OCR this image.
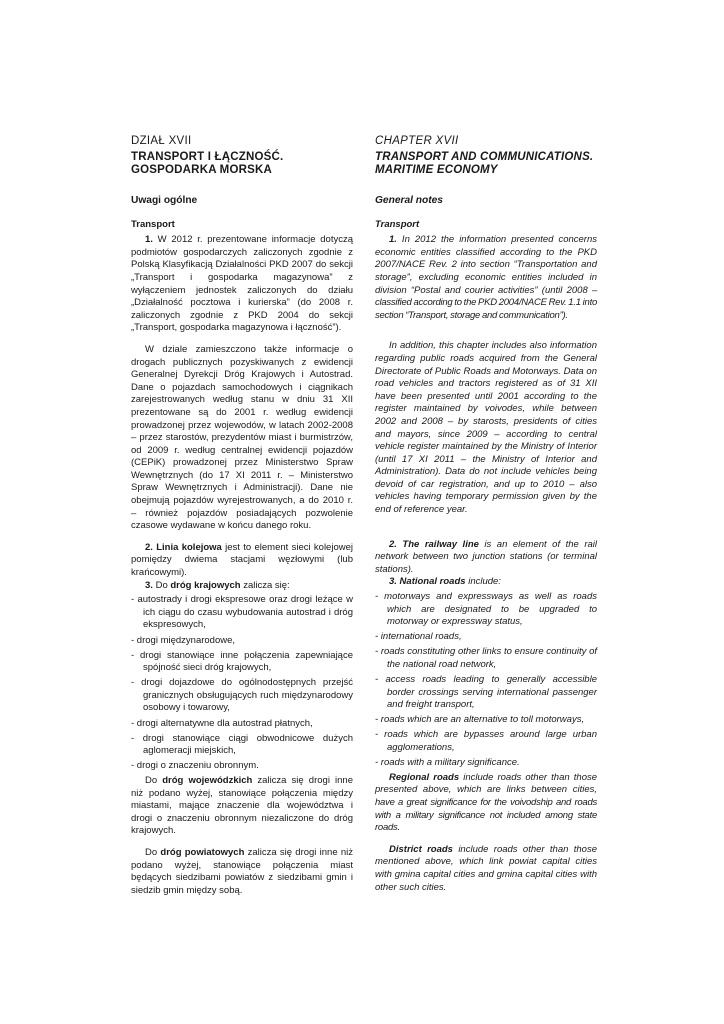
DZIAŁ XVII
TRANSPORT I ŁĄCZNOŚĆ.
GOSPODARKA MORSKA
Uwagi ogólne
Transport

1. W 2012 r. prezentowane informacje dotyczą podmiotów gospodarczych zaliczonych zgodnie z Polską Klasyfikacją Działalności PKD 2007 do sekcji „Transport i gospodarka magazynowa” z wyłączeniem jednostek zaliczonych do działu „Działalność pocztowa i kurierska” (do 2008 r. zaliczonych zgodnie z PKD 2004 do sekcji „Transport, gospodarka magazynowa i łączność”).

W dziale zamieszczono także informacje o drogach publicznych pozyskiwanych z ewidencji Generalnej Dyrekcji Dróg Krajowych i Autostrad. Dane o pojazdach samochodowych i ciągnikach zarejestrowanych według stanu w dniu 31 XII prezentowane są do 2001 r. według ewidencji prowadzonej przez wojewodów, w latach 2002-2008 – przez starostów, prezydentów miast i burmistrzów, od 2009 r. według centralnej ewidencji pojazdów (CEPiK) prowadzonej przez Ministerstwo Spraw Wewnętrznych (do 17 XI 2011 r. – Ministerstwo Spraw Wewnętrznych i Administracji). Dane nie obejmują pojazdów wyrejestrowanych, a do 2010 r. – również pojazdów posiadających pozwolenie czasowe wydawane w końcu danego roku.

2. Linia kolejowa jest to element sieci kolejowej pomiędzy dwiema stacjami węzłowymi (lub krańcowymi).

3. Do dróg krajowych zalicza się:

- autostrady i drogi ekspresowe oraz drogi leżące w ich ciągu do czasu wybudowania autostrad i dróg ekspresowych,
- drogi międzynarodowe,
- drogi stanowiące inne połączenia zapewniające spójność sieci dróg krajowych,
- drogi dojazdowe do ogólnodostępnych przejść granicznych obsługujących ruch międzynarodowy osobowy i towarowy,
- drogi alternatywne dla autostrad płatnych,
- drogi stanowiące ciągi obwodnicowe dużych aglomeracji miejskich,
- drogi o znaczeniu obronnym.

Do dróg wojewódzkich zalicza się drogi inne niż podano wyżej, stanowiące połączenia między miastami, mające znaczenie dla województwa i drogi o znaczeniu obronnym niezaliczone do dróg krajowych.

Do dróg powiatowych zalicza się drogi inne niż podano wyżej, stanowiące połączenia miast będących siedzibami powiatów z siedzibami gmin i siedzib gmin między sobą.

CHAPTER XVII
TRANSPORT AND COMMUNICATIONS.
MARITIME ECONOMY
General notes
Transport

1. In 2012 the information presented concerns economic entities classified according to the PKD 2007/NACE Rev. 2 into section “Transportation and storage”, excluding economic entities included in division “Postal and courier activities” (until 2008 – classified according to the PKD 2004/NACE Rev. 1.1 into section “Transport, storage and communication”).

In addition, this chapter includes also information regarding public roads acquired from the General Directorate of Public Roads and Motorways. Data on road vehicles and tractors registered as of 31 XII have been presented until 2001 according to the register maintained by voivodes, while between 2002 and 2008 – by starosts, presidents of cities and mayors, since 2009 – according to central vehicle register maintained by the Ministry of Interior (until 17 XI 2011 – the Ministry of Interior and Administration). Data do not include vehicles being devoid of car registration, and up to 2010 – also vehicles having temporary permission given by the end of reference year.

2. The railway line is an element of the rail network between two junction stations (or terminal stations).

3. National roads include:

- motorways and expressways as well as roads which are designated to be upgraded to motorway or expressway status,
- international roads,
- roads constituting other links to ensure continuity of the national road network,
- access roads leading to generally accessible border crossings serving international passenger and freight transport,
- roads which are an alternative to toll motorways,
- roads which are bypasses around large urban agglomerations,
- roads with a military significance.

Regional roads include roads other than those presented above, which are links between cities, have a great significance for the voivodship and roads with a military significance not included among state roads.

District roads include roads other than those mentioned above, which link powiat capital cities with gmina capital cities and gmina capital cities with other such cities.
